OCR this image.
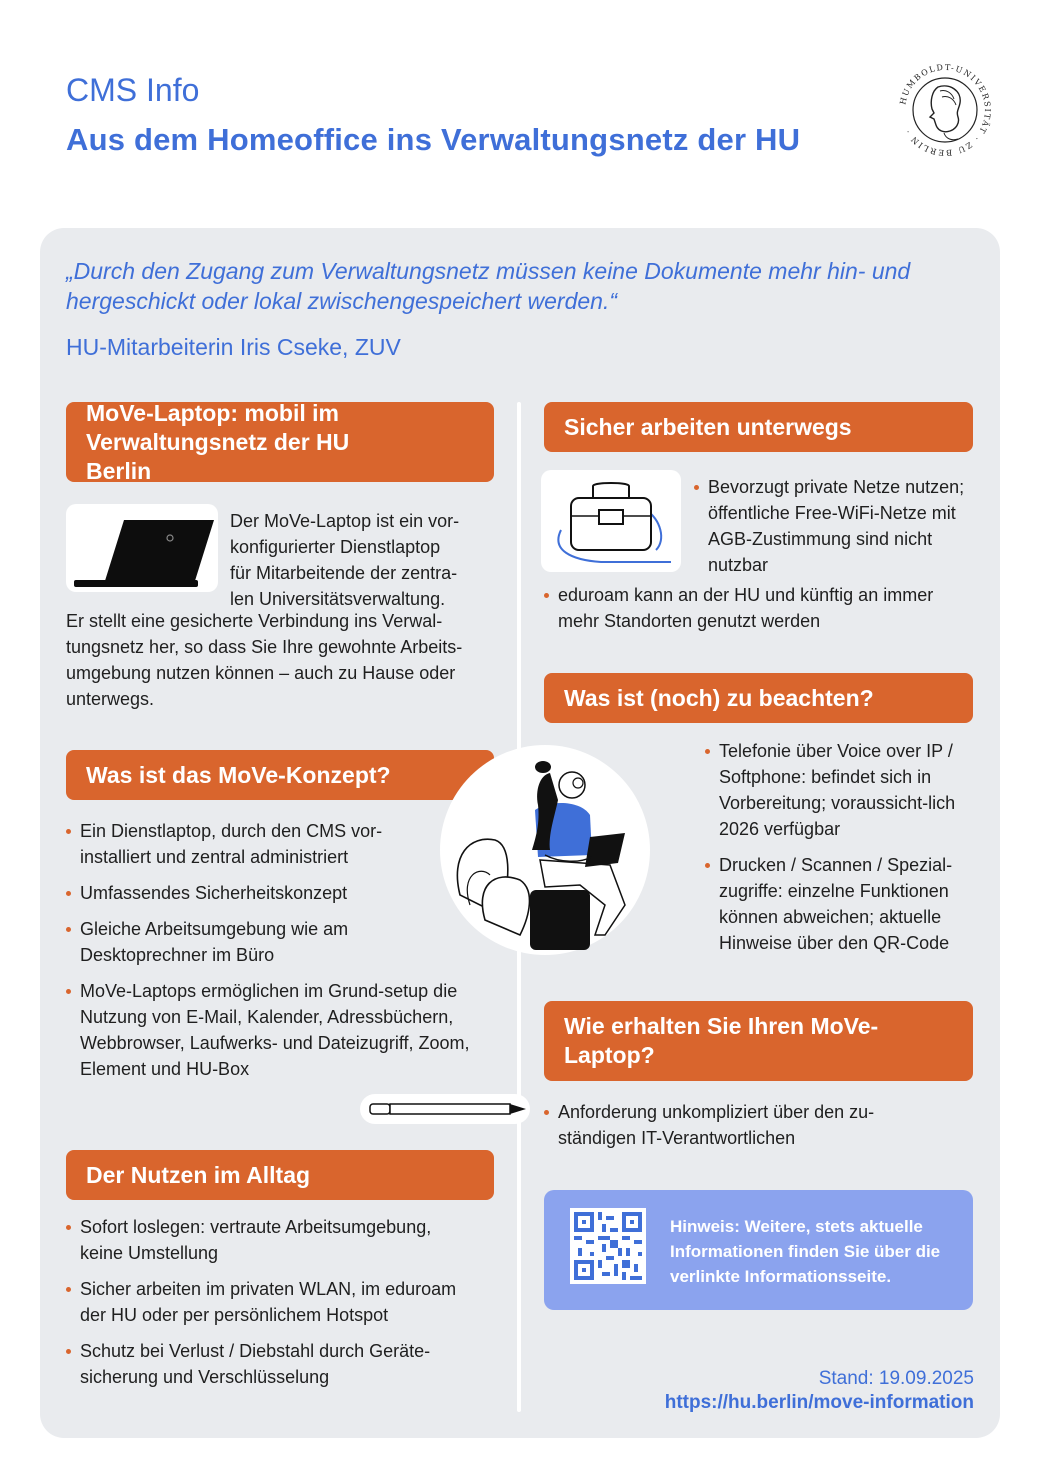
CMS Info
Aus dem Homeoffice ins Verwaltungsnetz der HU
HUMBOLDT-UNIVERSITÄT · ZU BERLIN ·
„Durch den Zugang zum Verwaltungsnetz müssen keine Dokumente mehr hin- und hergeschickt oder lokal zwischengespeichert werden.“
HU-Mitarbeiterin Iris Cseke, ZUV
MoVe-Laptop: mobil im Verwaltungsnetz der HU Berlin
Der MoVe-Laptop ist ein vor-
konfigurierter Dienstlaptop
für Mitarbeitende der zentra-
len Universitätsverwaltung.
Er stellt eine gesicherte Verbindung ins Verwal-tungsnetz her, so dass Sie Ihre gewohnte Arbeits-umgebung nutzen können – auch zu Hause oder unterwegs.
Was ist das MoVe-Konzept?
Ein Dienstlaptop, durch den CMS vor-installiert und zentral administriert
Umfassendes Sicherheitskonzept
Gleiche Arbeitsumgebung wie am Desktoprechner im Büro
MoVe-Laptops ermöglichen im Grund-setup die Nutzung von E-Mail, Kalender, Adressbüchern, Webbrowser, Laufwerks- und Dateizugriff, Zoom, Element und HU-Box
Der Nutzen im Alltag
Sofort loslegen: vertraute Arbeitsumgebung, keine Umstellung
Sicher arbeiten im privaten WLAN, im eduroam der HU oder per persönlichem Hotspot
Schutz bei Verlust / Diebstahl durch Geräte-sicherung und Verschlüsselung
Sicher arbeiten unterwegs
Bevorzugt private Netze nutzen; öffentliche Free-WiFi-Netze mit AGB-Zustimmung sind nicht nutzbar
eduroam kann an der HU und künftig an immer mehr Standorten genutzt werden
Was ist (noch) zu beachten?
Telefonie über Voice over IP / Softphone: befindet sich in Vorbereitung; voraussicht-lich 2026 verfügbar
Drucken / Scannen / Spezial-zugriffe: einzelne Funktionen können abweichen; aktuelle Hinweise über den QR-Code
Wie erhalten Sie Ihren MoVe-Laptop?
Anforderung unkompliziert über den zu-ständigen IT-Verantwortlichen
Hinweis: Weitere, stets aktuelle Informationen finden Sie über die verlinkte Informationsseite.
Stand: 19.09.2025
https://hu.berlin/move-information
